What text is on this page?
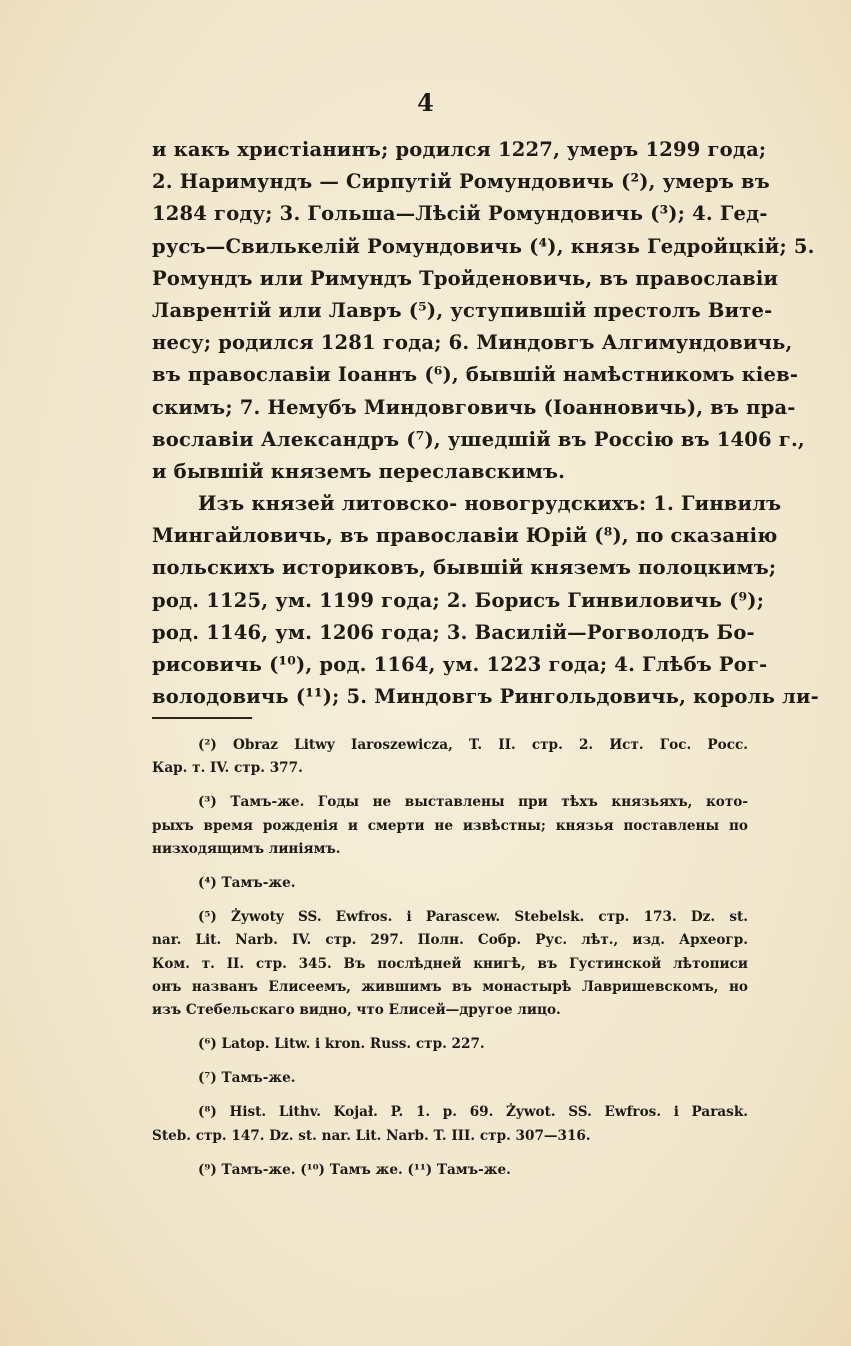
4
и какъ христіанинъ; родился 1227, умеръ 1299 года;
2. Наримундъ — Сирпутій Ромундовичь (²), умеръ въ
1284 году; 3. Гольша—Лѣсій Ромундовичь (³); 4. Гед-
русъ—Свилькелій Ромундовичь (⁴), князь Гедройцкій; 5.
Ромундъ или Римундъ Тройденовичь, въ православіи
Лаврентій или Лавръ (⁵), уступившій престолъ Вите-
несу; родился 1281 года; 6. Миндовгъ Алгимундовичь,
въ православіи Іоаннъ (⁶), бывшій намѣстникомъ кіев-
скимъ; 7. Немубъ Миндовговичь (Іоанновичь), въ пра-
вославіи Александръ (⁷), ушедшій въ Россію въ 1406 г.,
и бывшій княземъ переславскимъ.
Изъ князей литовско- новогрудскихъ: 1. Гинвилъ
Мингайловичь, въ православіи Юрій (⁸), по сказанію
польскихъ историковъ, бывшій княземъ полоцкимъ;
род. 1125, ум. 1199 года; 2. Борисъ Гинвиловичь (⁹);
род. 1146, ум. 1206 года; 3. Василій—Рогволодъ Бо-
рисовичь (¹⁰), род. 1164, ум. 1223 года; 4. Глѣбъ Рог-
володовичь (¹¹); 5. Миндовгъ Рингольдовичь, король ли-
(²) Obraz Litwy Iaroszewicza, T. II. стр. 2. Ист. Гос. Росс.
Кар. т. IV. стр. 377.
(³) Тамъ-же. Годы не выставлены при тѣхъ князьяхъ, кото-
рыхъ время рожденія и смерти не извѣстны; князья поставлены по
низходящимъ линіямъ.
(⁴) Тамъ-же.
(⁵) Żywoty SS. Ewfros. i Parascew. Stebelsk. стр. 173. Dz. st.
nar. Lit. Narb. IV. стр. 297. Полн. Собр. Рус. лѣт., изд. Археогр.
Ком. т. II. стр. 345. Въ послѣдней книгѣ, въ Густинской лѣтописи
онъ названъ Елисеемъ, жившимъ въ монастырѣ Лавришевскомъ, но
изъ Стебельскаго видно, что Елисей—другое лицо.
(⁶) Latop. Litw. i kron. Russ. стр. 227.
(⁷) Тамъ-же.
(⁸) Hist. Lithv. Kojał. P. 1. p. 69. Żywot. SS. Ewfros. i Parask.
Steb. стр. 147. Dz. st. nar. Lit. Narb. T. III. стр. 307—316.
(⁹) Тамъ-же. (¹⁰) Тамъ же. (¹¹) Тамъ-же.
